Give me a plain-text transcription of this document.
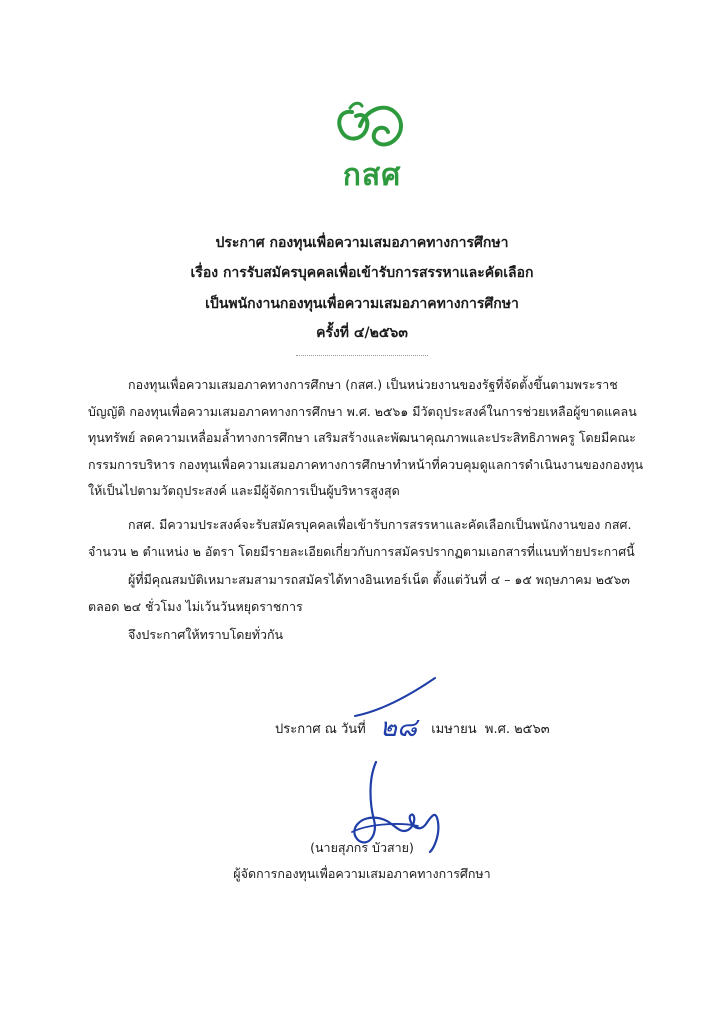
กสศ
ประกาศ กองทุนเพื่อความเสมอภาคทางการศึกษา
เรื่อง การรับสมัครบุคคลเพื่อเข้ารับการสรรหาและคัดเลือก
เป็นพนักงานกองทุนเพื่อความเสมอภาคทางการศึกษา
ครั้งที่ ๔/๒๕๖๓
กองทุนเพื่อความเสมอภาคทางการศึกษา (กสศ.) เป็นหน่วยงานของรัฐที่จัดตั้งขึ้นตามพระราชบัญญัติ กองทุนเพื่อความเสมอภาคทางการศึกษา พ.ศ. ๒๕๖๑ มีวัตถุประสงค์ในการช่วยเหลือผู้ขาดแคลนทุนทรัพย์ ลดความเหลื่อมล้ำทางการศึกษา เสริมสร้างและพัฒนาคุณภาพและประสิทธิภาพครู โดยมีคณะกรรมการบริหาร กองทุนเพื่อความเสมอภาคทางการศึกษาทำหน้าที่ควบคุมดูแลการดำเนินงานของกองทุนให้เป็นไปตามวัตถุประสงค์ และมีผู้จัดการเป็นผู้บริหารสูงสุด
กสศ. มีความประสงค์จะรับสมัครบุคคลเพื่อเข้ารับการสรรหาและคัดเลือกเป็นพนักงานของ กสศ. จำนวน ๒ ตำแหน่ง ๒ อัตรา โดยมีรายละเอียดเกี่ยวกับการสมัครปรากฏตามเอกสารที่แนบท้ายประกาศนี้
ผู้ที่มีคุณสมบัติเหมาะสมสามารถสมัครได้ทางอินเทอร์เน็ต ตั้งแต่วันที่ ๔ – ๑๕ พฤษภาคม ๒๕๖๓ ตลอด ๒๔ ชั่วโมง ไม่เว้นวันหยุดราชการ
จึงประกาศให้ทราบโดยทั่วกัน
ประกาศ ณ วันที่ ๒๘ เมษายน พ.ศ. ๒๕๖๓
(นายสุภกร บัวสาย)
ผู้จัดการกองทุนเพื่อความเสมอภาคทางการศึกษา
